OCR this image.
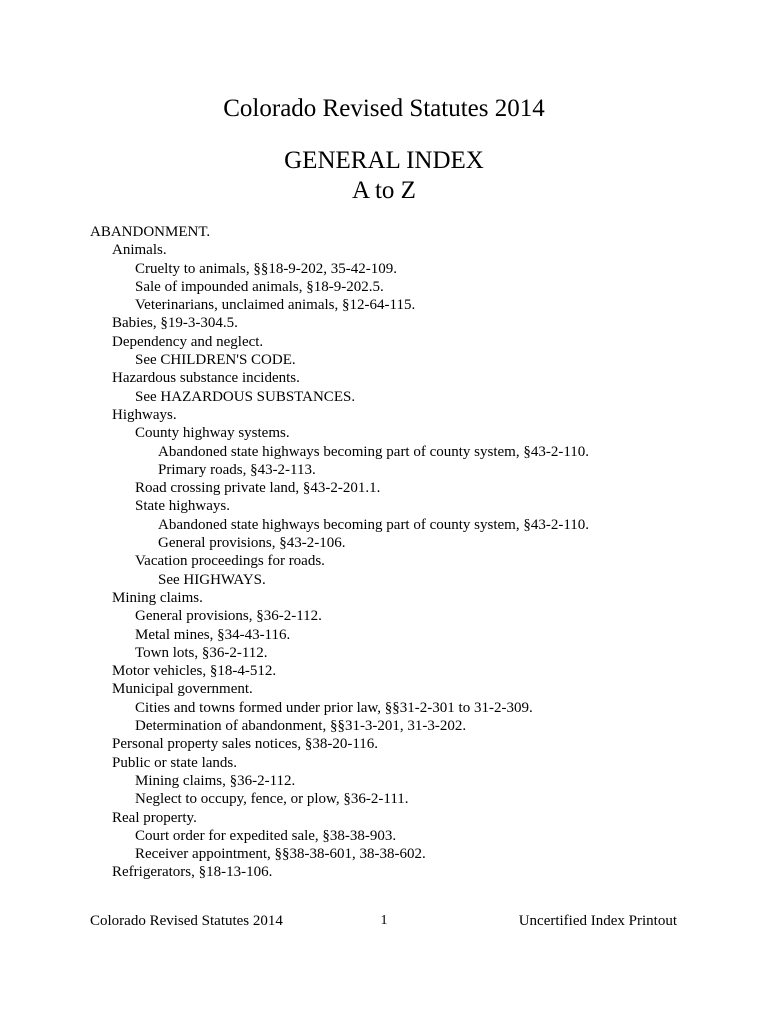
Colorado Revised Statutes 2014
GENERAL INDEX
A to Z
ABANDONMENT.
Animals.
Cruelty to animals, §§18-9-202, 35-42-109.
Sale of impounded animals, §18-9-202.5.
Veterinarians, unclaimed animals, §12-64-115.
Babies, §19-3-304.5.
Dependency and neglect.
See CHILDREN'S CODE.
Hazardous substance incidents.
See HAZARDOUS SUBSTANCES.
Highways.
County highway systems.
Abandoned state highways becoming part of county system, §43-2-110.
Primary roads, §43-2-113.
Road crossing private land, §43-2-201.1.
State highways.
Abandoned state highways becoming part of county system, §43-2-110.
General provisions, §43-2-106.
Vacation proceedings for roads.
See HIGHWAYS.
Mining claims.
General provisions, §36-2-112.
Metal mines, §34-43-116.
Town lots, §36-2-112.
Motor vehicles, §18-4-512.
Municipal government.
Cities and towns formed under prior law, §§31-2-301 to 31-2-309.
Determination of abandonment, §§31-3-201, 31-3-202.
Personal property sales notices, §38-20-116.
Public or state lands.
Mining claims, §36-2-112.
Neglect to occupy, fence, or plow, §36-2-111.
Real property.
Court order for expedited sale, §38-38-903.
Receiver appointment, §§38-38-601, 38-38-602.
Refrigerators, §18-13-106.
Colorado Revised Statutes 2014	1	Uncertified Index Printout
